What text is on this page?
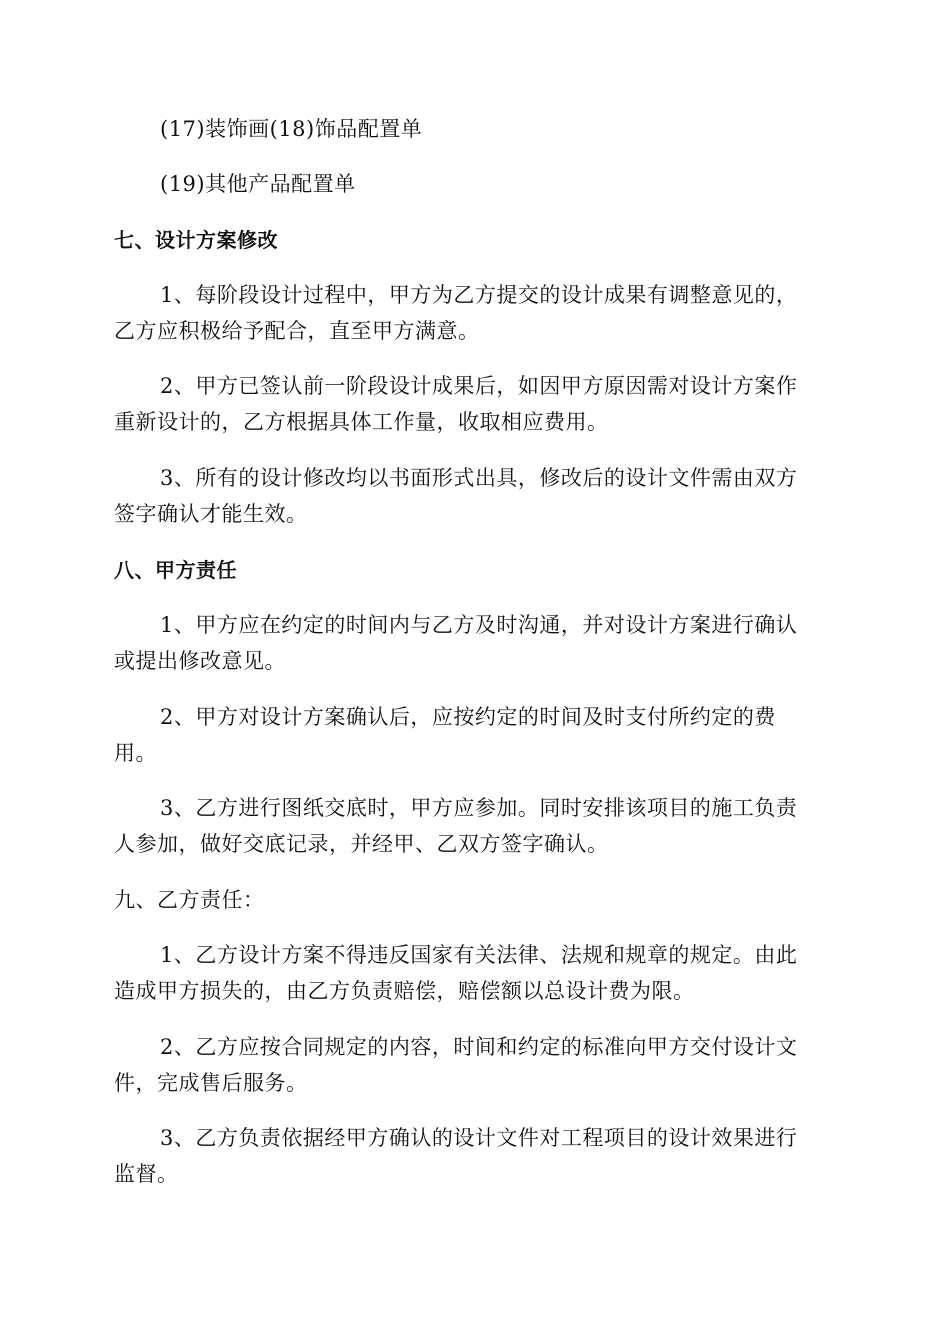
(17)装饰画(18)饰品配置单
(19)其他产品配置单
七、设计方案修改
1、每阶段设计过程中，甲方为乙方提交的设计成果有调整意见的，
乙方应积极给予配合，直至甲方满意。
2、甲方已签认前一阶段设计成果后，如因甲方原因需对设计方案作
重新设计的，乙方根据具体工作量，收取相应费用。
3、所有的设计修改均以书面形式出具，修改后的设计文件需由双方
签字确认才能生效。
八、甲方责任
1、甲方应在约定的时间内与乙方及时沟通，并对设计方案进行确认
或提出修改意见。
2、甲方对设计方案确认后，应按约定的时间及时支付所约定的费
用。
3、乙方进行图纸交底时，甲方应参加。同时安排该项目的施工负责
人参加，做好交底记录，并经甲、乙双方签字确认。
九、乙方责任：
1、乙方设计方案不得违反国家有关法律、法规和规章的规定。由此
造成甲方损失的，由乙方负责赔偿，赔偿额以总设计费为限。
2、乙方应按合同规定的内容，时间和约定的标准向甲方交付设计文
件，完成售后服务。
3、乙方负责依据经甲方确认的设计文件对工程项目的设计效果进行
监督。
